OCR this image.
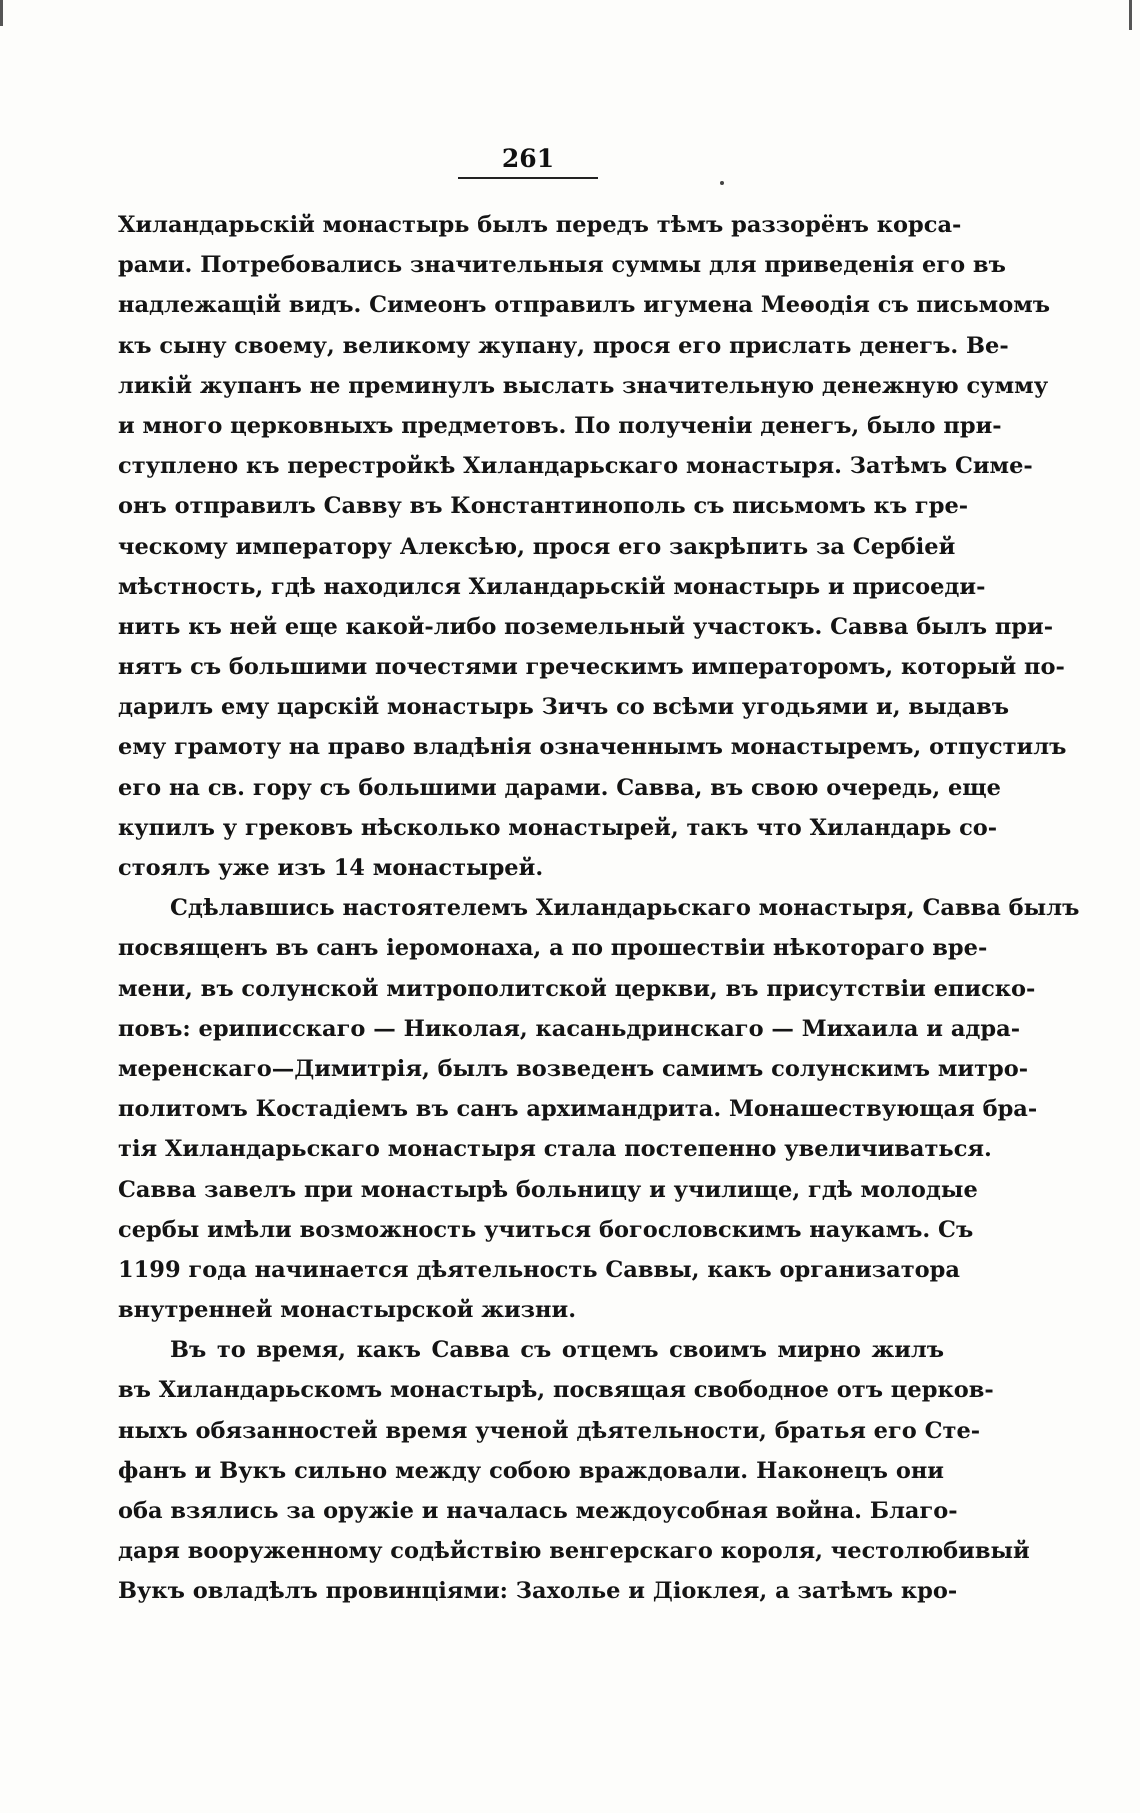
261
Хиландарьскій монастырь былъ передъ тѣмъ раззорёнъ корса-
рами. Потребовались значительныя суммы для приведенія его въ
надлежащій видъ. Симеонъ отправилъ игумена Меѳодія съ письмомъ
къ сыну своему, великому жупану, прося его прислать денегъ. Ве-
ликій жупанъ не преминулъ выслать значительную денежную сумму
и много церковныхъ предметовъ. По полученіи денегъ, было при-
ступлено къ перестройкѣ Хиландарьскаго монастыря. Затѣмъ Симе-
онъ отправилъ Савву въ Константинополь съ письмомъ къ гре-
ческому императору Алексѣю, прося его закрѣпить за Сербіей
мѣстность, гдѣ находился Хиландарьскій монастырь и присоеди-
нить къ ней еще какой-либо поземельный участокъ. Савва былъ при-
нятъ съ большими почестями греческимъ императоромъ, который по-
дарилъ ему царскій монастырь Зичъ со всѣми угодьями и, выдавъ
ему грамоту на право владѣнія означеннымъ монастыремъ, отпустилъ
его на св. гору съ большими дарами. Савва, въ свою очередь, еще
купилъ у грековъ нѣсколько монастырей, такъ что Хиландарь со-
стоялъ уже изъ 14 монастырей.
Сдѣлавшись настоятелемъ Хиландарьскаго монастыря, Савва былъ
посвященъ въ санъ іеромонаха, а по прошествіи нѣкотораго вре-
мени, въ солунской митрополитской церкви, въ присутствіи еписко-
повъ: ериписскаго — Николая, касаньдринскаго — Михаила и адра-
меренскаго—Димитрія, былъ возведенъ самимъ солунскимъ митро-
политомъ Костадіемъ въ санъ архимандрита. Монашествующая бра-
тія Хиландарьскаго монастыря стала постепенно увеличиваться.
Савва завелъ при монастырѣ больницу и училище, гдѣ молодые
сербы имѣли возможность учиться богословскимъ наукамъ. Съ
1199 года начинается дѣятельность Саввы, какъ организатора
внутренней монастырской жизни.
Въ то время, какъ Савва съ отцемъ своимъ мирно жилъ
въ Хиландарьскомъ монастырѣ, посвящая свободное отъ церков-
ныхъ обязанностей время ученой дѣятельности, братья его Сте-
фанъ и Вукъ сильно между собою враждовали. Наконецъ они
оба взялись за оружіе и началась междоусобная война. Благо-
даря вооруженному содѣйствію венгерскаго короля, честолюбивый
Вукъ овладѣлъ провинціями: Захолье и Діоклея, а затѣмъ кро-
